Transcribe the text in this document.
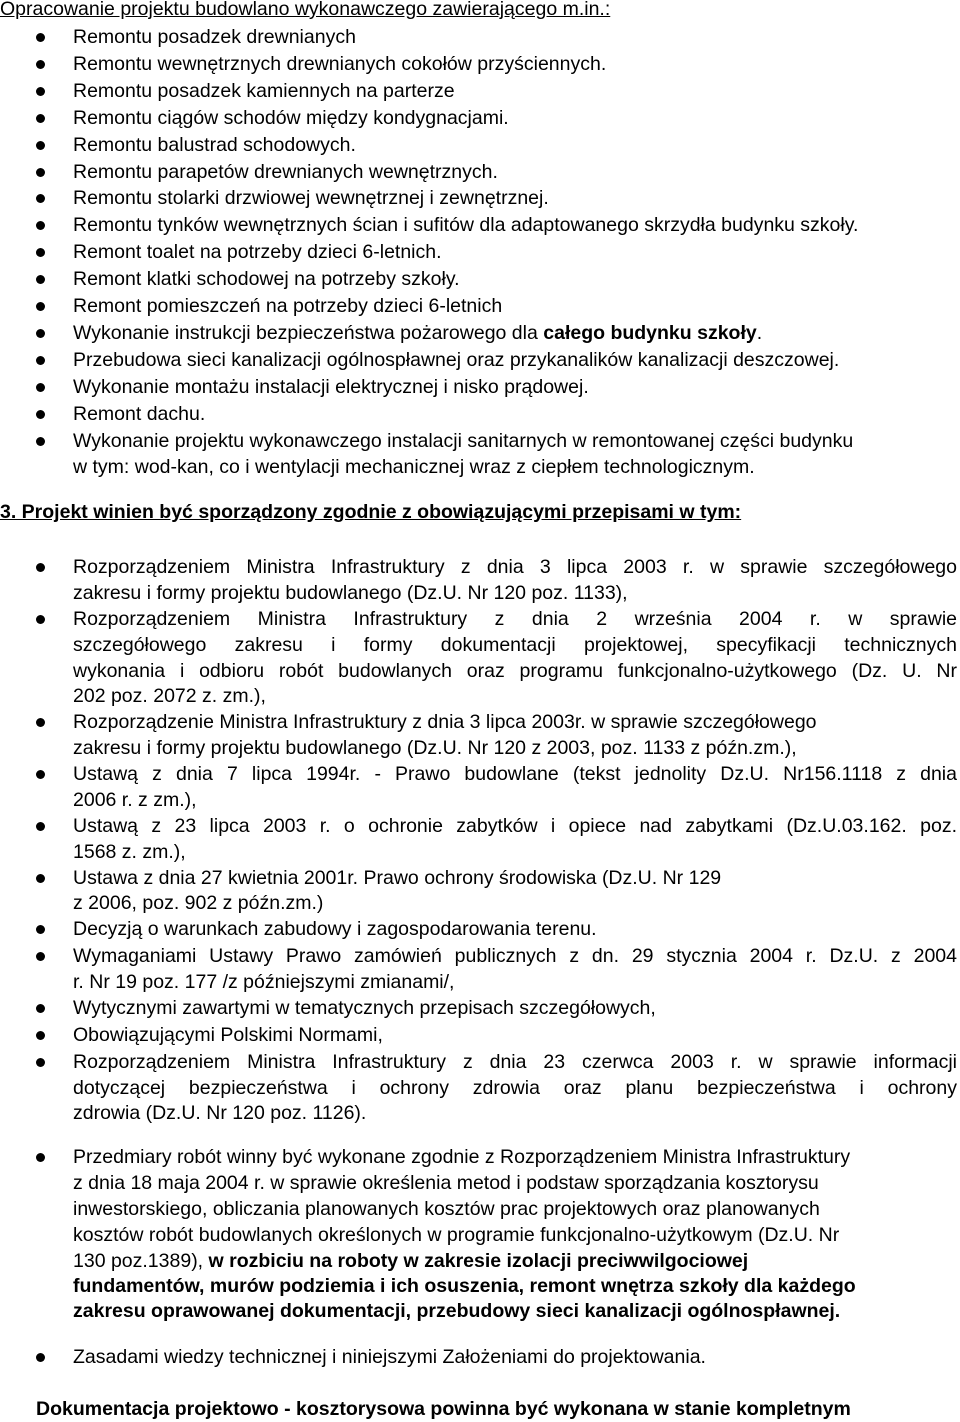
Opracowanie projektu budowlano wykonawczego zawierającego m.in.:
Remontu posadzek drewnianych
Remontu wewnętrznych drewnianych cokołów przyściennych.
Remontu posadzek kamiennych na parterze
Remontu ciągów schodów między kondygnacjami.
Remontu balustrad schodowych.
Remontu parapetów drewnianych wewnętrznych.
Remontu stolarki drzwiowej wewnętrznej i zewnętrznej.
Remontu tynków wewnętrznych ścian i sufitów dla adaptowanego skrzydła budynku szkoły.
Remont toalet na potrzeby dzieci 6-letnich.
Remont klatki schodowej na potrzeby szkoły.
Remont pomieszczeń na potrzeby dzieci 6-letnich
Wykonanie instrukcji bezpieczeństwa pożarowego dla całego budynku szkoły.
Przebudowa sieci kanalizacji ogólnospławnej oraz przykanalików kanalizacji deszczowej.
Wykonanie montażu instalacji elektrycznej i nisko prądowej.
Remont dachu.
Wykonanie projektu wykonawczego instalacji sanitarnych w remontowanej części budynku
w tym: wod-kan, co i wentylacji mechanicznej wraz z ciepłem technologicznym.
3. Projekt winien być sporządzony zgodnie z obowiązującymi przepisami w tym:
Rozporządzeniem Ministra Infrastruktury z dnia 3 lipca 2003 r. w sprawie szczegółowego
zakresu i formy projektu budowlanego (Dz.U. Nr 120 poz. 1133),
Rozporządzeniem Ministra Infrastruktury z dnia 2 września 2004 r. w sprawie
szczegółowego zakresu i formy dokumentacji projektowej, specyfikacji technicznych
wykonania i odbioru robót budowlanych oraz programu funkcjonalno-użytkowego (Dz. U. Nr
202 poz. 2072 z. zm.),
Rozporządzenie Ministra Infrastruktury z dnia 3 lipca 2003r. w sprawie szczegółowego
zakresu i formy projektu budowlanego (Dz.U. Nr 120 z 2003, poz. 1133 z późn.zm.),
Ustawą z dnia 7 lipca 1994r. - Prawo budowlane (tekst jednolity Dz.U. Nr156.1118 z dnia
2006 r. z zm.),
Ustawą z 23 lipca 2003 r. o ochronie zabytków i opiece nad zabytkami (Dz.U.03.162. poz.
1568 z. zm.),
Ustawa z dnia 27 kwietnia 2001r. Prawo ochrony środowiska (Dz.U. Nr 129
z 2006, poz. 902 z późn.zm.)
Decyzją o warunkach zabudowy i zagospodarowania terenu.
Wymaganiami Ustawy Prawo zamówień publicznych z dn. 29 stycznia 2004 r. Dz.U. z 2004
r. Nr 19 poz. 177 /z późniejszymi zmianami/,
Wytycznymi zawartymi w tematycznych przepisach szczegółowych,
Obowiązującymi Polskimi Normami,
Rozporządzeniem Ministra Infrastruktury z dnia 23 czerwca 2003 r. w sprawie informacji
dotyczącej bezpieczeństwa i ochrony zdrowia oraz planu bezpieczeństwa i ochrony
zdrowia (Dz.U. Nr 120 poz. 1126).
Przedmiary robót winny być wykonane zgodnie z Rozporządzeniem Ministra Infrastruktury
z dnia 18 maja 2004 r. w sprawie określenia metod i podstaw sporządzania kosztorysu
inwestorskiego, obliczania planowanych kosztów prac projektowych oraz planowanych
kosztów robót budowlanych określonych w programie funkcjonalno-użytkowym (Dz.U. Nr
130 poz.1389), w rozbiciu na roboty w zakresie izolacji preciwwilgociowej
fundamentów, murów podziemia i ich osuszenia, remont wnętrza szkoły dla każdego
zakresu oprawowanej dokumentacji, przebudowy sieci kanalizacji ogólnospławnej.
Zasadami wiedzy technicznej i niniejszymi Założeniami do projektowania.
Dokumentacja projektowo - kosztorysowa powinna być wykonana w stanie kompletnym
